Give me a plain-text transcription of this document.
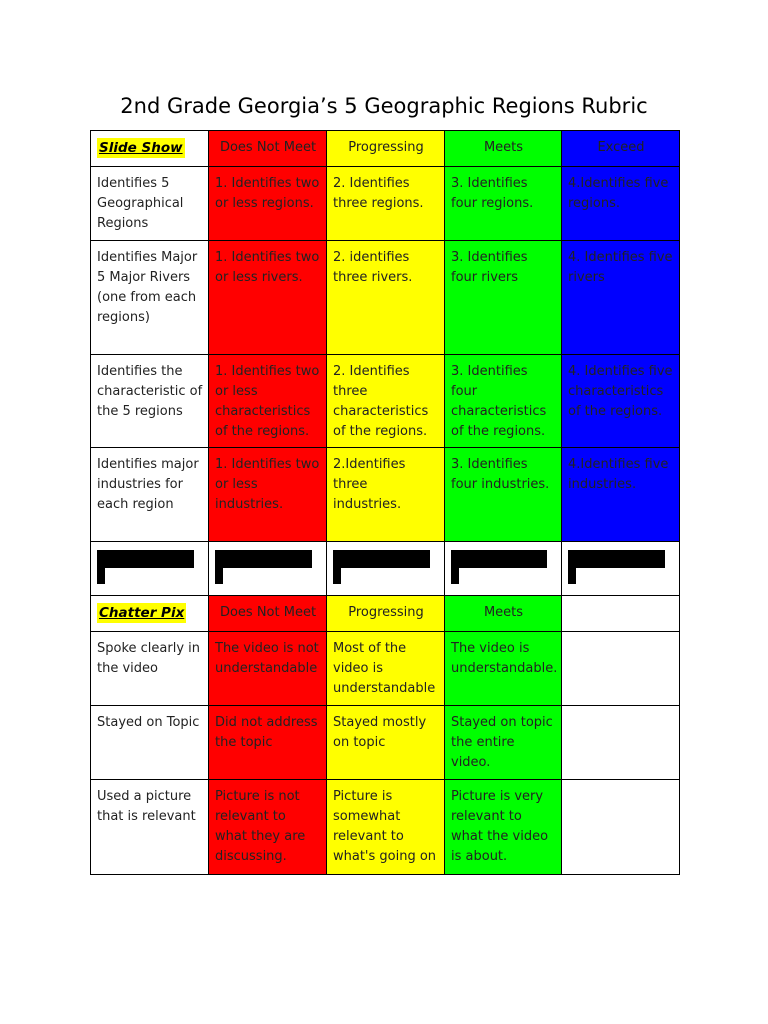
2nd Grade Georgia’s 5 Geographic Regions Rubric
Slide Show	Does Not Meet	Progressing	Meets	Exceed
Identifies 5 Geographical Regions	1. Identifies two or less regions.	2. Identifies three regions.	3. Identifies four regions.	4.Identifies five regions.
Identifies Major 5 Major Rivers (one from each regions)	1. Identifies two or less rivers.	2. identifies three rivers.	3. Identifies four rivers	4. Identifies five rivers
Identifies the characteristic of the 5 regions	1. Identifies two or less characteristics of the regions.	2. Identifies three characteristics of the regions.	3. Identifies four characteristics of the regions.	4. Identifies five characteristics of the regions.
Identifies major industries for each region	1. Identifies two or less industries.	2.Identifies three industries.	3. Identifies four industries.	4.Identifies five industries.

Chatter Pix	Does Not Meet	Progressing	Meets	
Spoke clearly in the video	The video is not understandable	Most of the video is understandable	The video is understandable.	
Stayed on Topic	Did not address the topic	Stayed mostly on topic	Stayed on topic the entire video.	
Used a picture that is relevant	Picture is not relevant to what they are discussing.	Picture is somewhat relevant to what's going on	Picture is very relevant to what the video is about.	
